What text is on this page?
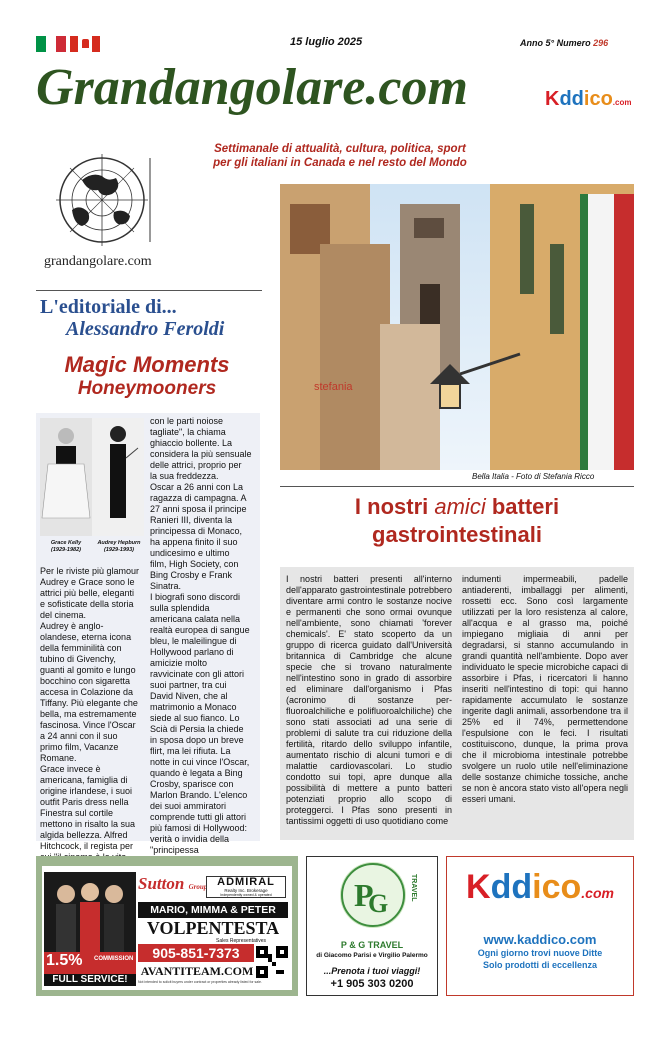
15 luglio 2025	Anno 5° Numero 296
Grandangolare.com	Kddico.com
Settimanale di attualità, cultura, politica, sport
per gli italiani in Canada e nel resto del Mondo
grandangolare.com
L'editoriale di...
Alessandro Feroldi
Magic Moments
Honeymooners
Grace Kelly
(1929-1982)
Audrey Hepburn
(1929-1993)
Per le riviste più glamour
Audrey e Grace sono le
attrici più belle, eleganti
e sofisticate della storia
del cinema.
Audrey è anglo-
olandese, eterna icona
della femminilità con
tubino di Givenchy,
guanti al gomito e lungo
bocchino con sigaretta
accesa in Colazione da
Tiffany. Più elegante che
bella, ma estremamente
fascinosa. Vince l'Oscar
a 24 anni con il suo
primo film, Vacanze
Romane.
Grace invece è
americana, famiglia di
origine irlandese, i suoi
outfit Paris dress nella
Finestra sul cortile
mettono in risalto la sua
algida bellezza. Alfred
Hitchcock, il regista per
con le parti noiose
tagliate", la chiama
ghiaccio bollente. La
considera la più sensuale
delle attrici, proprio per
la sua freddezza.
Oscar a 26 anni con La
ragazza di campagna. A
27 anni sposa il principe
Ranieri III, diventa la
principessa di Monaco,
ha appena finito il suo
undicesimo e ultimo
film, High Society, con
Bing Crosby e Frank
Sinatra.
I biografi sono discordi
sulla splendida
americana calata nella
realtà europea di sangue
bleu, le maleilingue di
Hollywood parlano di
amicizie molto
ravvicinate con gli attori
suoi partner, tra cui
David Niven, che al
matrimonio a Monaco
siede al suo fianco. Lo
Scià di Persia la chiede
in sposa dopo un breve
flirt, ma lei rifiuta. La
notte in cui vince l'Oscar,
quando è legata a Bing
Crosby, sparisce con
Marlon Brando. L'elenco
dei suoi ammiratori
comprende tutti gli attori
più famosi di Hollywood:
verità o invidia della
"principessa
stefania
Bella Italia - Foto di Stefania Ricco
I nostri amici batteri
gastrointestinali
I nostri batteri presenti all'interno dell'apparato gastrointestinale potrebbero diventare armi contro le sostanze nocive e permanenti che sono ormai ovunque nell'ambiente, sono chiamati 'forever chemicals'. E' stato scoperto da un gruppo di ricerca guidato dall'Università britannica di Cambridge che alcune specie che si trovano naturalmente nell'intestino sono in grado di assorbire ed eliminare dall'organismo i Pfas (acronimo di sostanze per-fluoroalchiliche e polifluoroalchiliche) che sono stati associati ad una serie di problemi di salute tra cui riduzione della fertilità, ritardo dello sviluppo infantile, aumentato rischio di alcuni tumori e di malattie cardiovascolari. Lo studio condotto sui topi, apre dunque alla possibilità di mettere a punto batteri potenziati proprio allo scopo di proteggerci. I Pfas sono presenti in tantissimi oggetti di uso quotidiano come
indumenti impermeabili, padelle antiaderenti, imballaggi per alimenti, rossetti ecc. Sono così largamente utilizzati per la loro resistenza al calore, all'acqua e al grasso ma, poiché impiegano migliaia di anni per degradarsi, si stanno accumulando in grandi quantità nell'ambiente. Dopo aver individuato le specie microbiche capaci di assorbire i Pfas, i ricercatori li hanno inseriti nell'intestino di topi: qui hanno rapidamente accumulato le sostanze ingerite dagli animali, assorbendone tra il 25% ed il 74%, permettendone l'espulsione con le feci. I risultati costituiscono, dunque, la prima prova che il microbioma intestinale potrebbe svolgere un ruolo utile nell'eliminazione delle sostanze chimiche tossiche, anche se non è ancora stato visto all'opera negli esseri umani.
1.5% COMMISSION
FULL SERVICE!
Sutton Group ADMIRAL
Realty Inc. Brokerage
Independently owned & operated
MARIO, MIMMA & PETER
VOLPENTESTA
Sales Representatives
905-851-7373
AVANTITEAM.COM
Not intended to solicit buyers under contract or properties already listed for sale.
P
G
TRAVEL
P & G TRAVEL
di Giacomo Parisi e Virgilio Palermo
...Prenota i tuoi viaggi!
+1 905 303 0200
Kddico.com
www.kaddico.com
Ogni giorno trovi nuove Ditte
Solo prodotti di eccellenza
